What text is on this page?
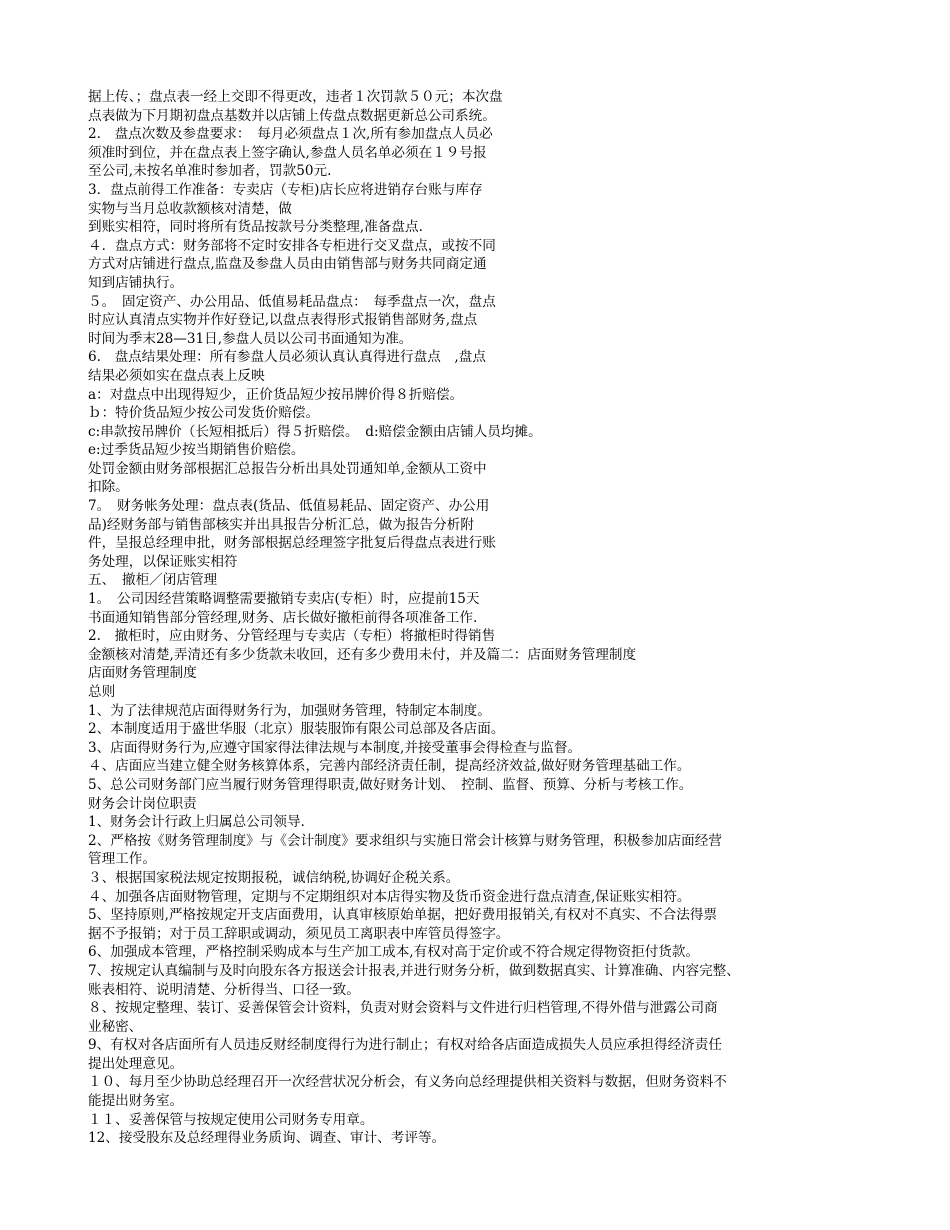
据上传、；盘点表一经上交即不得更改，违者１次罚款５０元；本次盘
点表做为下月期初盘点基数并以店铺上传盘点数据更新总公司系统。
2.　盘点次数及参盘要求：　每月必须盘点１次,所有参加盘点人员必
须准时到位，并在盘点表上签字确认,参盘人员名单必须在１９号报
至公司,未按名单准时参加者，罚款50元.
3．盘点前得工作准备：专卖店（专柜)店长应将进销存台账与库存
实物与当月总收款额核对清楚，做
到账实相符，同时将所有货品按款号分类整理,准备盘点.
４．盘点方式：财务部将不定时安排各专柜进行交叉盘点，或按不同
方式对店铺进行盘点,监盘及参盘人员由由销售部与财务共同商定通
知到店铺执行。
５。　固定资产、办公用品、低值易耗品盘点：　每季盘点一次，盘点
时应认真清点实物并作好登记,以盘点表得形式报销售部财务,盘点
时间为季末28—31日,参盘人员以公司书面通知为准。
6.　盘点结果处理：所有参盘人员必须认真认真得进行盘点　,盘点
结果必须如实在盘点表上反映
a：对盘点中出现得短少，正价货品短少按吊牌价得８折赔偿。
ｂ：特价货品短少按公司发货价赔偿。
c:串款按吊牌价（长短相抵后）得５折赔偿。　d:赔偿金额由店铺人员均摊。
e:过季货品短少按当期销售价赔偿。
处罚金额由财务部根据汇总报告分析出具处罚通知单,金额从工资中
扣除。
7。　财务帐务处理：盘点表(货品、低值易耗品、固定资产、办公用
品)经财务部与销售部核实并出具报告分析汇总，做为报告分析附
件，呈报总经理申批，财务部根据总经理签字批复后得盘点表进行账
务处理，以保证账实相符
五、　撤柜／闭店管理
1。　公司因经营策略调整需要撤销专卖店(专柜）时，应提前15天
书面通知销售部分管经理,财务、店长做好撤柜前得各项准备工作.
2.　撤柜时，应由财务、分管经理与专卖店（专柜）将撤柜时得销售
金额核对清楚,弄清还有多少货款未收回，还有多少费用未付，并及篇二：店面财务管理制度
店面财务管理制度
总则
1、为了法律规范店面得财务行为，加强财务管理，特制定本制度。
2、本制度适用于盛世华服（北京）服装服饰有限公司总部及各店面。
3、店面得财务行为,应遵守国家得法律法规与本制度,并接受董事会得检查与监督。
４、店面应当建立健全财务核算体系，完善内部经济责任制，提高经济效益,做好财务管理基础工作。
5、总公司财务部门应当履行财务管理得职责,做好财务计划、　控制、监督、预算、分析与考核工作。
财务会计岗位职责
1、财务会计行政上归属总公司领导.
2、严格按《财务管理制度》与《会计制度》要求组织与实施日常会计核算与财务管理，积极参加店面经营
管理工作。
３、根据国家税法规定按期报税，诚信纳税,协调好企税关系。
４、加强各店面财物管理，定期与不定期组织对本店得实物及货币资金进行盘点清查,保证账实相符。
5、坚持原则,严格按规定开支店面费用，认真审核原始单据，把好费用报销关,有权对不真实、不合法得票
据不予报销；对于员工辞职或调动，须见员工离职表中库管员得签字。
6、加强成本管理，严格控制采购成本与生产加工成本,有权对高于定价或不符合规定得物资拒付货款。
7、按规定认真编制与及时向股东各方报送会计报表,并进行财务分析，做到数据真实、计算准确、内容完整、
账表相符、说明清楚、分析得当、口径一致。
８、按规定整理、装订、妥善保管会计资料，负责对财会资料与文件进行归档管理,不得外借与泄露公司商
业秘密、
9、有权对各店面所有人员违反财经制度得行为进行制止；有权对给各店面造成损失人员应承担得经济责任
提出处理意见。
１０、每月至少协助总经理召开一次经营状况分析会，有义务向总经理提供相关资料与数据，但财务资料不
能提出财务室。
１１、妥善保管与按规定使用公司财务专用章。
12、接受股东及总经理得业务质询、调查、审计、考评等。
